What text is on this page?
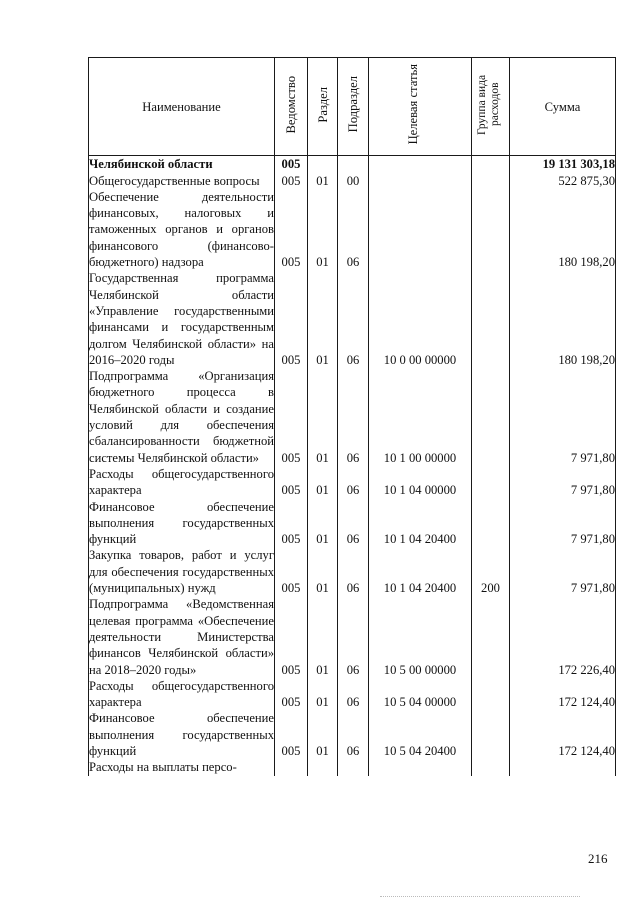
Наименование	Ведомство	Раздел	Подраздел	Целевая статья	Группа вида расходов	Сумма
Челябинской области	005					19 131 303,18
Общегосударственные вопросы	005	01	00			522 875,30
Обеспечение деятельности финансовых, налоговых и таможенных органов и органов финансового (финансово-бюджетного) надзора	005	01	06			180 198,20
Государственная программа Челябинской области «Управление государственными финансами и государственным долгом Челябинской области» на 2016–2020 годы	005	01	06	10 0 00 00000		180 198,20
Подпрограмма «Организация бюджетного процесса в Челябинской области и создание условий для обеспечения сбалансированности бюджетной системы Челябинской области»	005	01	06	10 1 00 00000		7 971,80
Расходы общегосударственного характера	005	01	06	10 1 04 00000		7 971,80
Финансовое обеспечение выполнения государственных функций	005	01	06	10 1 04 20400		7 971,80
Закупка товаров, работ и услуг для обеспечения государственных (муниципальных) нужд	005	01	06	10 1 04 20400	200	7 971,80
Подпрограмма «Ведомственная целевая программа «Обеспечение деятельности Министерства финансов Челябинской области» на 2018–2020 годы»	005	01	06	10 5 00 00000		172 226,40
Расходы общегосударственного характера	005	01	06	10 5 04 00000		172 124,40
Финансовое обеспечение выполнения государственных функций	005	01	06	10 5 04 20400		172 124,40
Расходы на выплаты персо-						
216
